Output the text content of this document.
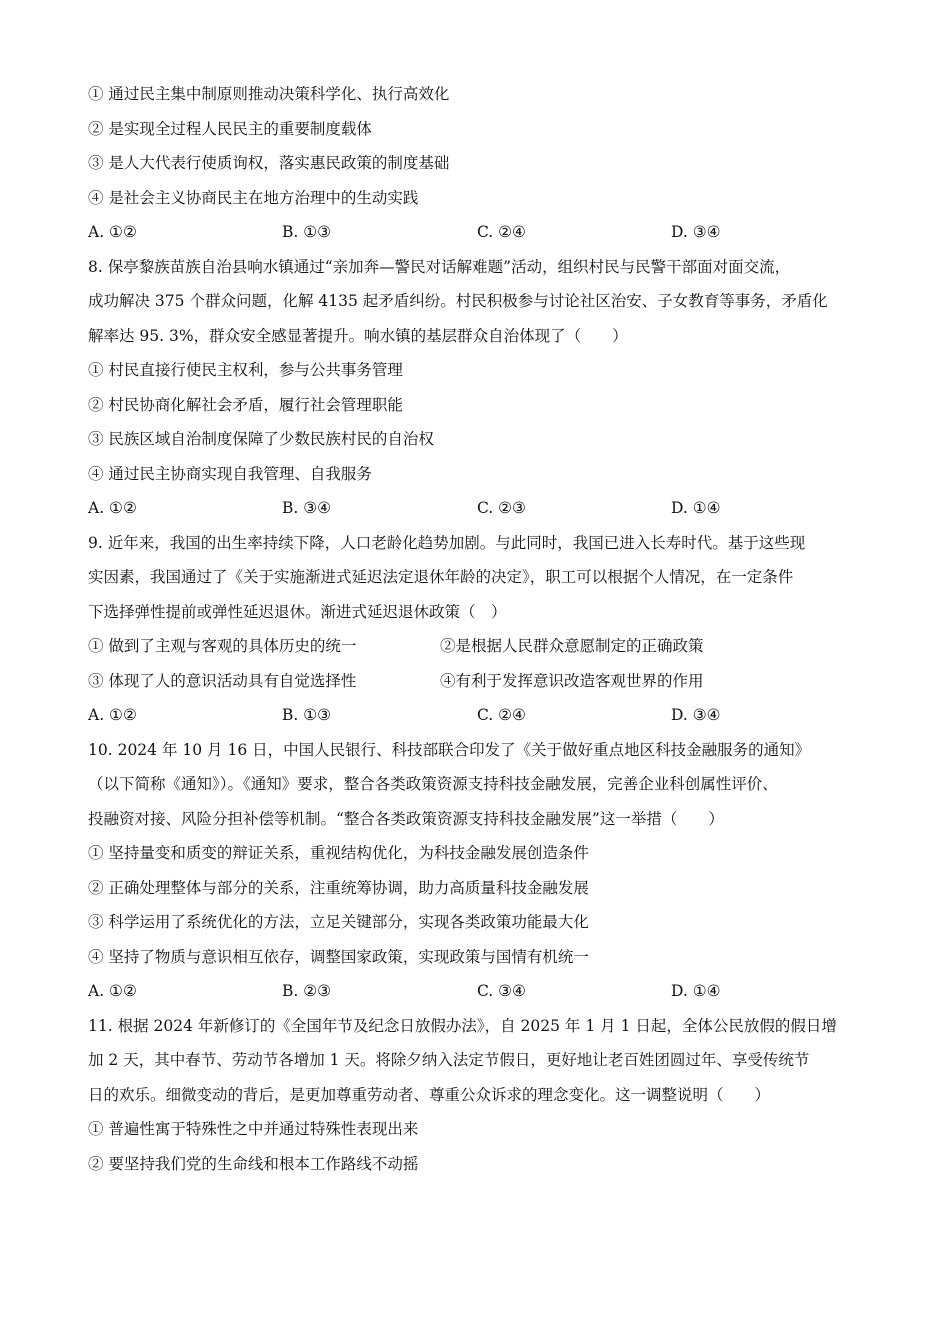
① 通过民主集中制原则推动决策科学化、执行高效化
② 是实现全过程人民民主的重要制度载体
③ 是人大代表行使质询权，落实惠民政策的制度基础
④ 是社会主义协商民主在地方治理中的生动实践
A. ①②	B. ①③	C. ②④	D. ③④
8. 保亭黎族苗族自治县响水镇通过“亲加奔—警民对话解难题”活动，组织村民与民警干部面对面交流，
成功解决 375 个群众问题，化解 4135 起矛盾纠纷。村民积极参与讨论社区治安、子女教育等事务，矛盾化
解率达 95. 3%，群众安全感显著提升。响水镇的基层群众自治体现了（　　）
① 村民直接行使民主权利，参与公共事务管理
② 村民协商化解社会矛盾，履行社会管理职能
③ 民族区域自治制度保障了少数民族村民的自治权
④ 通过民主协商实现自我管理、自我服务
A. ①②	B. ③④	C. ②③	D. ①④
9. 近年来，我国的出生率持续下降，人口老龄化趋势加剧。与此同时，我国已进入长寿时代。基于这些现
实因素，我国通过了《关于实施渐进式延迟法定退休年龄的决定》，职工可以根据个人情况，在一定条件
下选择弹性提前或弹性延迟退休。渐进式延迟退休政策（　）
① 做到了主观与客观的具体历史的统一	②是根据人民群众意愿制定的正确政策
③ 体现了人的意识活动具有自觉选择性	④有利于发挥意识改造客观世界的作用
A. ①②	B. ①③	C. ②④	D. ③④
10. 2024 年 10 月 16 日，中国人民银行、科技部联合印发了《关于做好重点地区科技金融服务的通知》
（以下简称《通知》）。《通知》要求，整合各类政策资源支持科技金融发展，完善企业科创属性评价、
投融资对接、风险分担补偿等机制。“整合各类政策资源支持科技金融发展”这一举措（　　）
① 坚持量变和质变的辩证关系，重视结构优化，为科技金融发展创造条件
② 正确处理整体与部分的关系，注重统筹协调，助力高质量科技金融发展
③ 科学运用了系统优化的方法，立足关键部分，实现各类政策功能最大化
④ 坚持了物质与意识相互依存，调整国家政策，实现政策与国情有机统一
A. ①②	B. ②③	C. ③④	D. ①④
11. 根据 2024 年新修订的《全国年节及纪念日放假办法》，自 2025 年 1 月 1 日起，全体公民放假的假日增
加 2 天，其中春节、劳动节各增加 1 天。将除夕纳入法定节假日，更好地让老百姓团圆过年、享受传统节
日的欢乐。细微变动的背后，是更加尊重劳动者、尊重公众诉求的理念变化。这一调整说明（　　）
① 普遍性寓于特殊性之中并通过特殊性表现出来
② 要坚持我们党的生命线和根本工作路线不动摇
